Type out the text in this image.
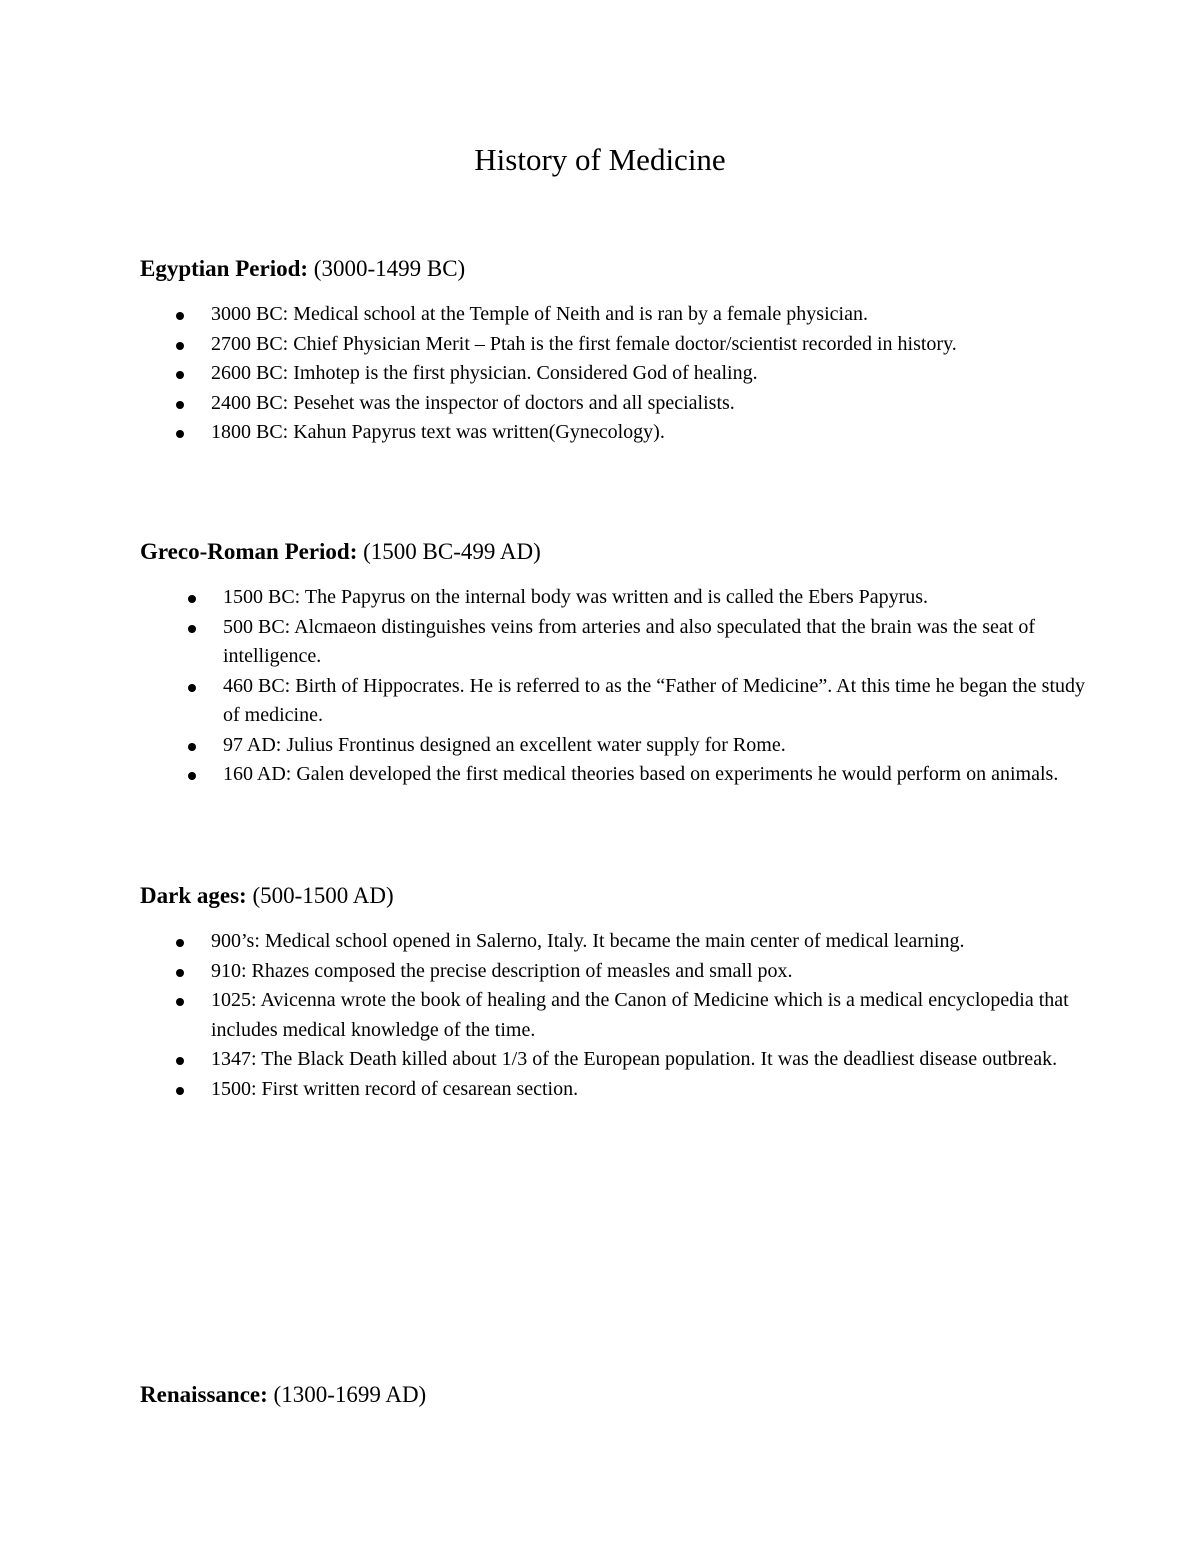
History of Medicine
Egyptian Period: (3000-1499 BC)
3000 BC: Medical school at the Temple of Neith and is ran by a female physician.
2700 BC: Chief Physician Merit – Ptah is the first female doctor/scientist recorded in history.
2600 BC: Imhotep is the first physician. Considered God of healing.
2400 BC: Pesehet was the inspector of doctors and all specialists.
1800 BC: Kahun Papyrus text was written(Gynecology).
Greco-Roman Period: (1500 BC-499 AD)
1500 BC: The Papyrus on the internal body was written and is called the Ebers Papyrus.
500 BC: Alcmaeon distinguishes veins from arteries and also speculated that the brain was the seat of intelligence.
460 BC: Birth of Hippocrates. He is referred to as the “Father of Medicine”. At this time he began the study of medicine.
97 AD: Julius Frontinus designed an excellent water supply for Rome.
160 AD: Galen developed the first medical theories based on experiments he would perform on animals.
Dark ages: (500-1500 AD)
900’s: Medical school opened in Salerno, Italy. It became the main center of medical learning.
910: Rhazes composed the precise description of measles and small pox.
1025: Avicenna wrote the book of healing and the Canon of Medicine which is a medical encyclopedia that includes medical knowledge of the time.
1347: The Black Death killed about 1/3 of the European population. It was the deadliest disease outbreak.
1500: First written record of cesarean section.
Renaissance: (1300-1699 AD)
